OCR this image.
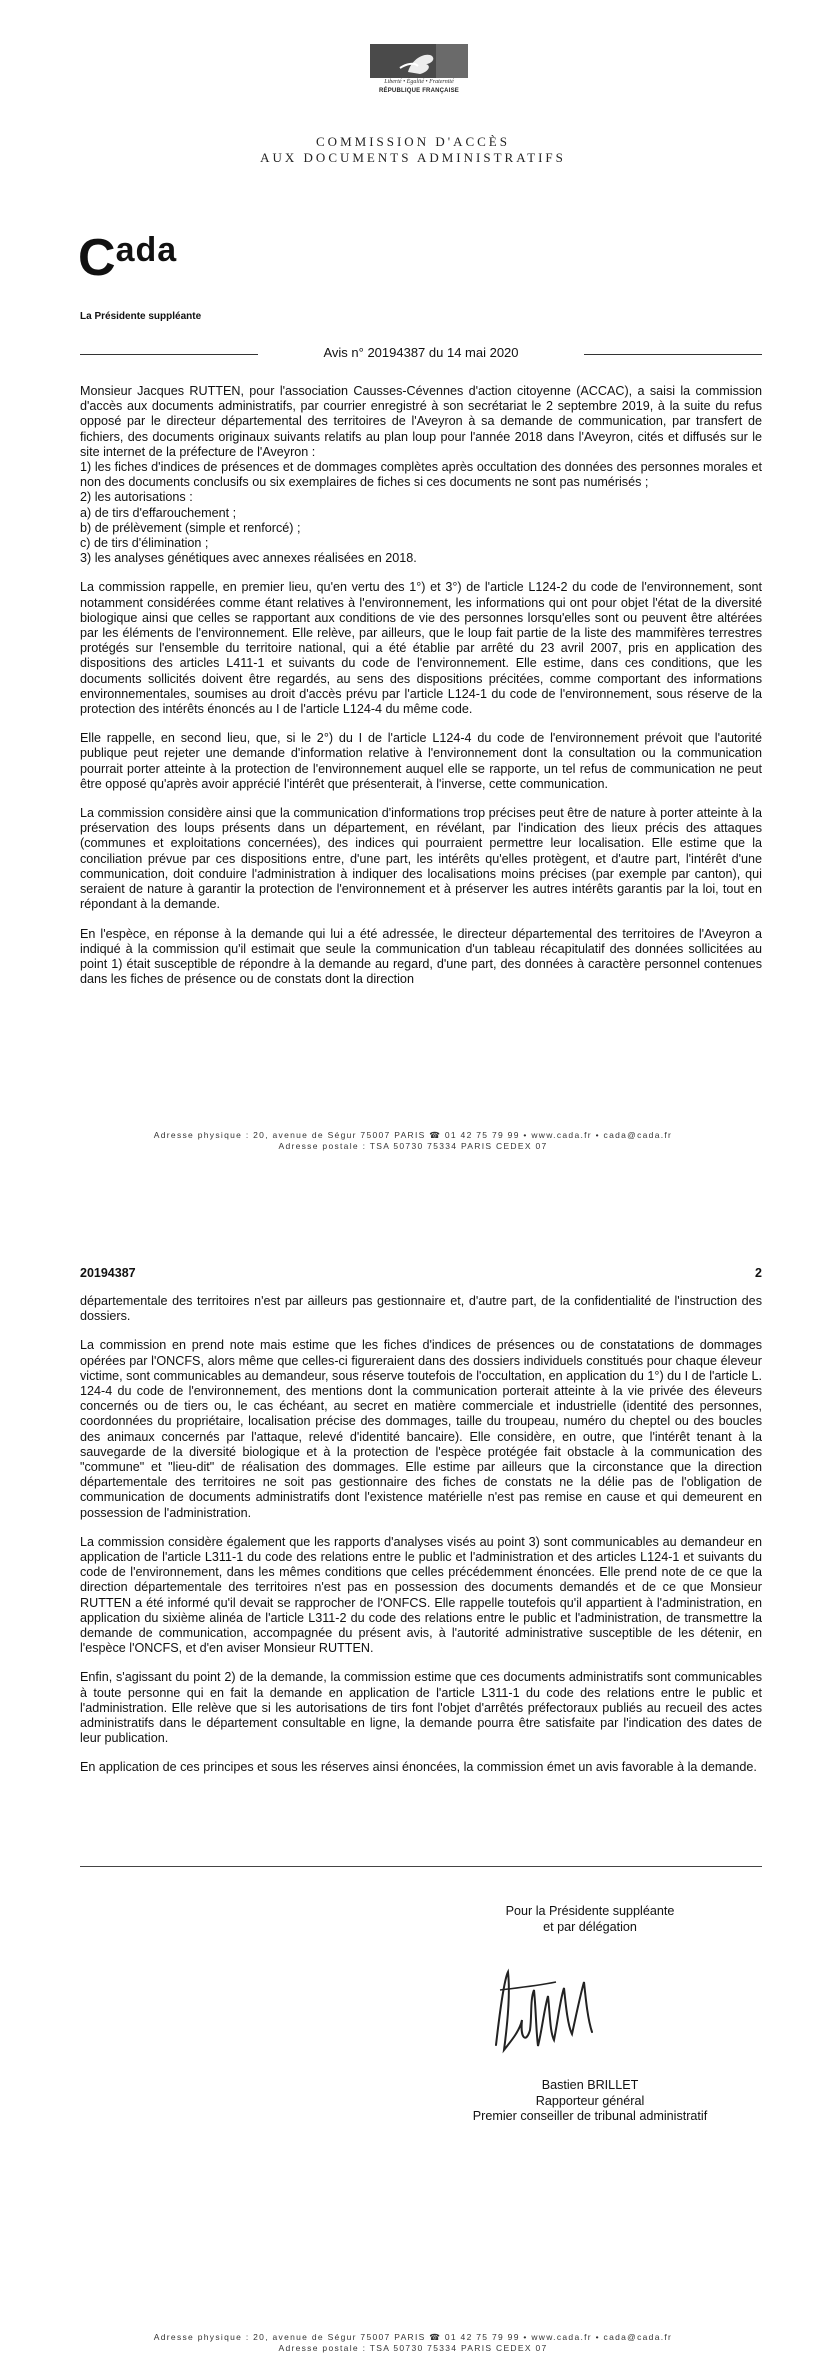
Liberté • Égalité • Fraternité
RÉPUBLIQUE FRANÇAISE
COMMISSION D'ACCÈS
AUX DOCUMENTS ADMINISTRATIFS
Cada
La Présidente suppléante
Avis n° 20194387 du 14 mai 2020

Monsieur Jacques RUTTEN, pour l'association Causses-Cévennes d'action citoyenne (ACCAC), a saisi la commission d'accès aux documents administratifs, par courrier enregistré à son secrétariat le 2 septembre 2019, à la suite du refus opposé par le directeur départemental des territoires de l'Aveyron à sa demande de communication, par transfert de fichiers, des documents originaux suivants relatifs au plan loup pour l'année 2018 dans l'Aveyron, cités et diffusés sur le site internet de la préfecture de l'Aveyron :
1) les fiches d'indices de présences et de dommages complètes après occultation des données des personnes morales et non des documents conclusifs ou six exemplaires de fiches si ces documents ne sont pas numérisés ;
2) les autorisations :
a) de tirs d'effarouchement ;
b) de prélèvement (simple et renforcé) ;
c) de tirs d'élimination ;
3) les analyses génétiques avec annexes réalisées en 2018.

La commission rappelle, en premier lieu, qu'en vertu des 1°) et 3°) de l'article L124-2 du code de l'environnement, sont notamment considérées comme étant relatives à l'environnement, les informations qui ont pour objet l'état de la diversité biologique ainsi que celles se rapportant aux conditions de vie des personnes lorsqu'elles sont ou peuvent être altérées par les éléments de l'environnement. Elle relève, par ailleurs, que le loup fait partie de la liste des mammifères terrestres protégés sur l'ensemble du territoire national, qui a été établie par arrêté du 23 avril 2007, pris en application des dispositions des articles L411-1 et suivants du code de l'environnement. Elle estime, dans ces conditions, que les documents sollicités doivent être regardés, au sens des dispositions précitées, comme comportant des informations environnementales, soumises au droit d'accès prévu par l'article L124-1 du code de l'environnement, sous réserve de la protection des intérêts énoncés au I de l'article L124-4 du même code.

Elle rappelle, en second lieu, que, si le 2°) du I de l'article L124-4 du code de l'environnement prévoit que l'autorité publique peut rejeter une demande d'information relative à l'environnement dont la consultation ou la communication pourrait porter atteinte à la protection de l'environnement auquel elle se rapporte, un tel refus de communication ne peut être opposé qu'après avoir apprécié l'intérêt que présenterait, à l'inverse, cette communication.

La commission considère ainsi que la communication d'informations trop précises peut être de nature à porter atteinte à la préservation des loups présents dans un département, en révélant, par l'indication des lieux précis des attaques (communes et exploitations concernées), des indices qui pourraient permettre leur localisation. Elle estime que la conciliation prévue par ces dispositions entre, d'une part, les intérêts qu'elles protègent, et d'autre part, l'intérêt d'une communication, doit conduire l'administration à indiquer des localisations moins précises (par exemple par canton), qui seraient de nature à garantir la protection de l'environnement et à préserver les autres intérêts garantis par la loi, tout en répondant à la demande.

En l'espèce, en réponse à la demande qui lui a été adressée, le directeur départemental des territoires de l'Aveyron a indiqué à la commission qu'il estimait que seule la communication d'un tableau récapitulatif des données sollicitées au point 1) était susceptible de répondre à la demande au regard, d'une part, des données à caractère personnel contenues dans les fiches de présence ou de constats dont la direction

Adresse physique : 20, avenue de Ségur 75007 PARIS ☎ 01 42 75 79 99 • www.cada.fr • cada@cada.fr
Adresse postale : TSA 50730 75334 PARIS CEDEX 07
20194387	2

départementale des territoires n'est par ailleurs pas gestionnaire et, d'autre part, de la confidentialité de l'instruction des dossiers.

La commission en prend note mais estime que les fiches d'indices de présences ou de constatations de dommages opérées par l'ONCFS, alors même que celles-ci figureraient dans des dossiers individuels constitués pour chaque éleveur victime, sont communicables au demandeur, sous réserve toutefois de l'occultation, en application du 1°) du I de l'article L. 124-4 du code de l'environnement, des mentions dont la communication porterait atteinte à la vie privée des éleveurs concernés ou de tiers ou, le cas échéant, au secret en matière commerciale et industrielle (identité des personnes, coordonnées du propriétaire, localisation précise des dommages, taille du troupeau, numéro du cheptel ou des boucles des animaux concernés par l'attaque, relevé d'identité bancaire). Elle considère, en outre, que l'intérêt tenant à la sauvegarde de la diversité biologique et à la protection de l'espèce protégée fait obstacle à la communication des "commune" et "lieu-dit" de réalisation des dommages. Elle estime par ailleurs que la circonstance que la direction départementale des territoires ne soit pas gestionnaire des fiches de constats ne la délie pas de l'obligation de communication de documents administratifs dont l'existence matérielle n'est pas remise en cause et qui demeurent en possession de l'administration.

La commission considère également que les rapports d'analyses visés au point 3) sont communicables au demandeur en application de l'article L311-1 du code des relations entre le public et l'administration et des articles L124-1 et suivants du code de l'environnement, dans les mêmes conditions que celles précédemment énoncées. Elle prend note de ce que la direction départementale des territoires n'est pas en possession des documents demandés et de ce que Monsieur RUTTEN a été informé qu'il devait se rapprocher de l'ONFCS. Elle rappelle toutefois qu'il appartient à l'administration, en application du sixième alinéa de l'article L311-2 du code des relations entre le public et l'administration, de transmettre la demande de communication, accompagnée du présent avis, à l'autorité administrative susceptible de les détenir, en l'espèce l'ONCFS, et d'en aviser Monsieur RUTTEN.

Enfin, s'agissant du point 2) de la demande, la commission estime que ces documents administratifs sont communicables à toute personne qui en fait la demande en application de l'article L311-1 du code des relations entre le public et l'administration. Elle relève que si les autorisations de tirs font l'objet d'arrêtés préfectoraux publiés au recueil des actes administratifs dans le département consultable en ligne, la demande pourra être satisfaite par l'indication des dates de leur publication.

En application de ces principes et sous les réserves ainsi énoncées, la commission émet un avis favorable à la demande.

Pour la Présidente suppléante
et par délégation
Bastien BRILLET
Rapporteur général
Premier conseiller de tribunal administratif
Adresse physique : 20, avenue de Ségur 75007 PARIS ☎ 01 42 75 79 99 • www.cada.fr • cada@cada.fr
Adresse postale : TSA 50730 75334 PARIS CEDEX 07
